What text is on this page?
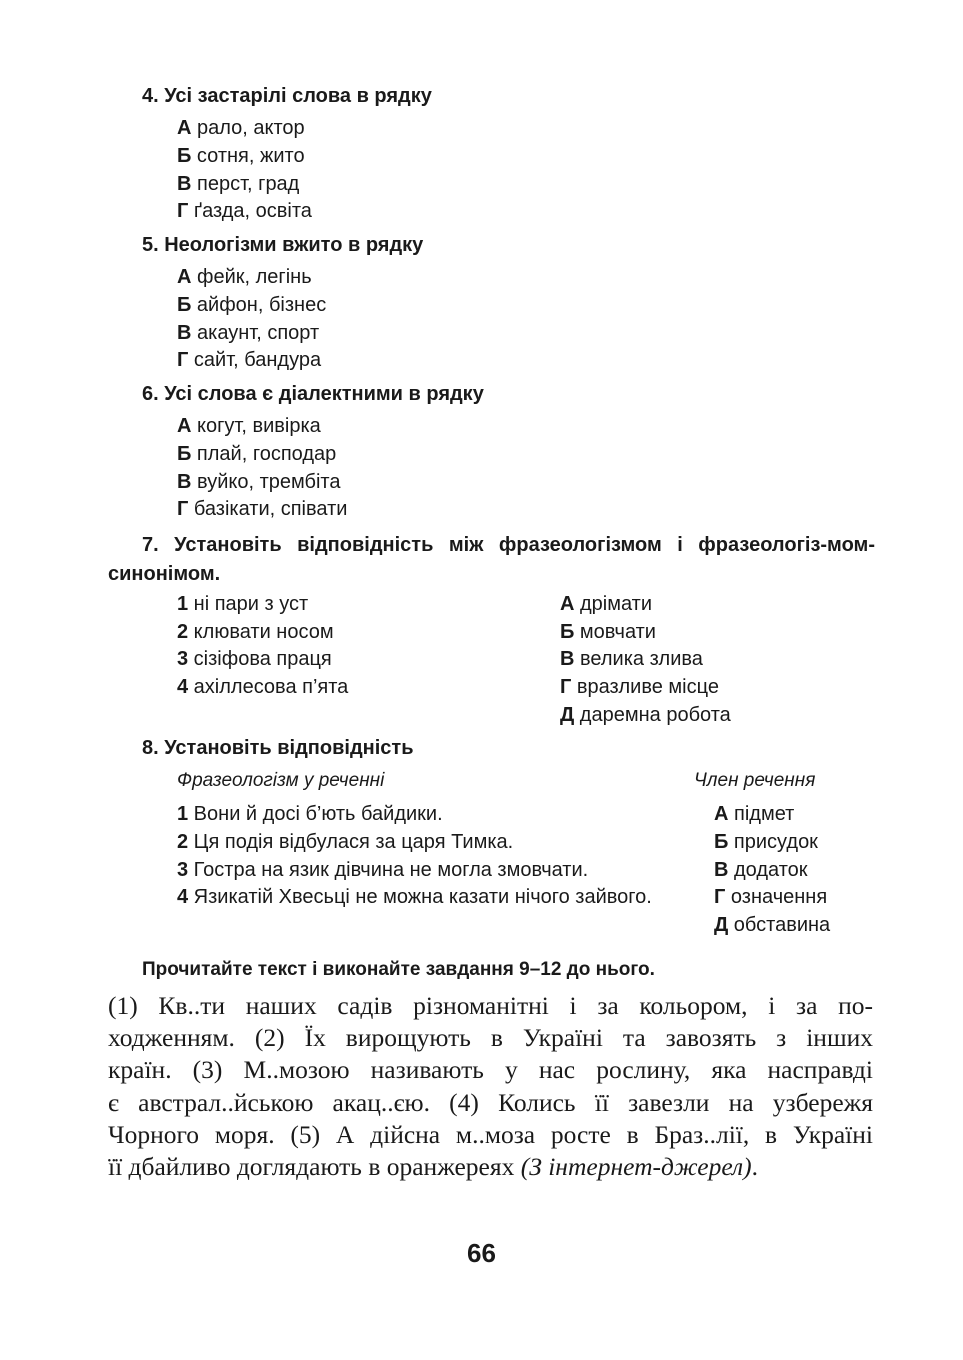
4. Усі застарілі слова в рядку
А рало, актор
Б сотня, жито
В перст, град
Г ґазда, освіта
5. Неологізми вжито в рядку
А фейк, легінь
Б айфон, бізнес
В акаунт, спорт
Г сайт, бандура
6. Усі слова є діалектними в рядку
А когут, вивірка
Б плай, господар
В вуйко, трембіта
Г базікати, співати
7. Установіть відповідність між фразеологізмом і фразеологіз-мом-синонімом.
1 ні пари з уст
2 клювати носом
3 сізіфова праця
4 ахіллесова п’ята
А дрімати
Б мовчати
В велика злива
Г вразливе місце
Д даремна робота
8. Установіть відповідність
Фразеологізм у реченні	Член речення
1 Вони й досі б’ють байдики.
2 Ця подія відбулася за царя Тимка.
3 Гостра на язик дівчина не могла змовчати.
4 Язикатій Хвесьці не можна казати нічого зайвого.
А підмет
Б присудок
В додаток
Г означення
Д обставина
Прочитайте текст і виконайте завдання 9–12 до нього.
(1) Кв..ти наших садів різноманітні і за кольором, і за по-
ходженням. (2) Їх вирощують в Україні та завозять з інших
країн. (3) М..мозою називають у нас рослину, яка насправді
є австрал..йською акац..єю. (4) Колись її завезли на узбережя
Чорного моря. (5) А дійсна м..моза росте в Браз..лії, в Україні
її дбайливо доглядають в оранжереях (З інтернет-джерел).
66
